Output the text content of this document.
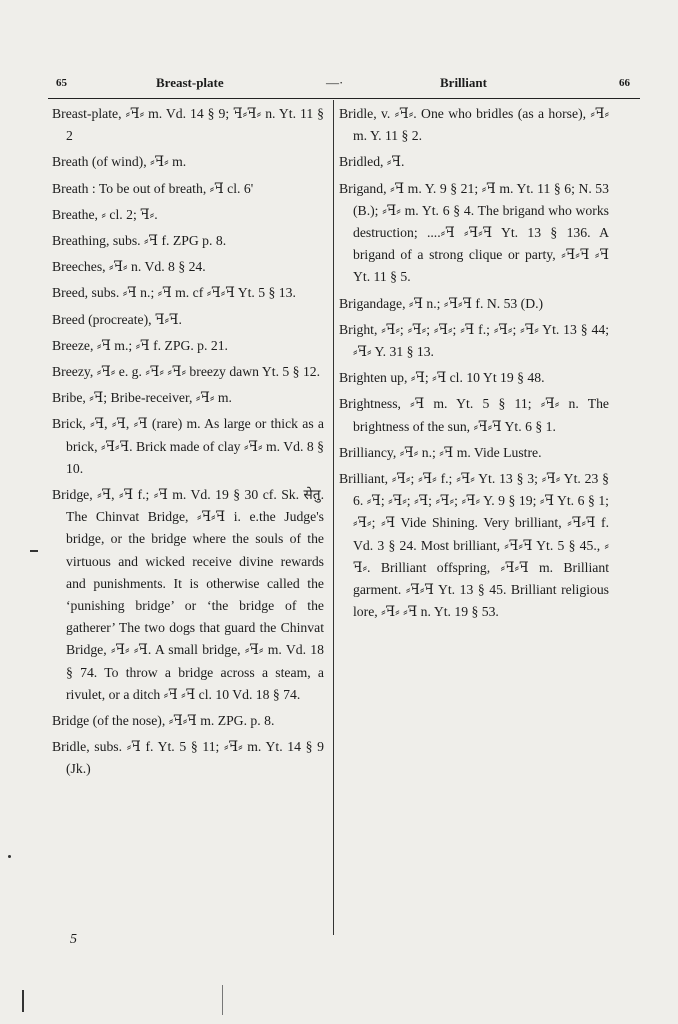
65	Breast-plate	—·	Brilliant	66

Breast-plate, ⸗ꟻ⸗ m. Vd. 14 § 9; ꟻ⸗ꟻ⸗ n. Yt. 11 § 2

Breath (of wind), ⸗ꟻ⸗ m.

Breath : To be out of breath, ⸗ꟻ cl. 6'

Breathe, ⸗ cl. 2; ꟻ⸗.

Breathing, subs. ⸗ꟻ f. ZPG p. 8.

Breeches, ⸗ꟻ⸗ n. Vd. 8 § 24.

Breed, subs. ⸗ꟻ n.; ⸗ꟻ m. cf ⸗ꟻ⸗ꟻ Yt. 5 § 13.

Breed (procreate), ꟻ⸗ꟻ.

Breeze, ⸗ꟻ m.; ⸗ꟻ f. ZPG. p. 21.

Breezy, ⸗ꟻ⸗ e. g. ⸗ꟻ⸗ ⸗ꟻ⸗ breezy dawn Yt. 5 § 12.

Bribe, ⸗ꟻ; Bribe-receiver, ⸗ꟻ⸗ m.

Brick, ⸗ꟻ, ⸗ꟻ, ⸗ꟻ (rare) m. As large or thick as a brick, ⸗ꟻ⸗ꟻ. Brick made of clay ⸗ꟻ⸗ m. Vd. 8 § 10.

Bridge, ⸗ꟻ, ⸗ꟻ f.; ⸗ꟻ m. Vd. 19 § 30 cf. Sk. सेतु. The Chinvat Bridge, ⸗ꟻ⸗ꟻ i. e.the Judge's bridge, or the bridge where the souls of the virtuous and wicked receive divine rewards and punishments. It is otherwise called the ‘punishing bridge’ or ‘the bridge of the gatherer’ The two dogs that guard the Chinvat Bridge, ⸗ꟻ⸗ ⸗ꟻ. A small bridge, ⸗ꟻ⸗ m. Vd. 18 § 74. To throw a bridge across a steam, a rivulet, or a ditch ⸗ꟻ ⸗ꟻ cl. 10 Vd. 18 § 74.

Bridge (of the nose), ⸗ꟻ⸗ꟻ m. ZPG. p. 8.

Bridle, subs. ⸗ꟻ f. Yt. 5 § 11; ⸗ꟻ⸗ m. Yt. 14 § 9 (Jk.)

Bridle, v. ⸗ꟻ⸗. One who bridles (as a horse), ⸗ꟻ⸗ m. Y. 11 § 2.

Bridled, ⸗ꟻ.

Brigand, ⸗ꟻ m. Y. 9 § 21; ⸗ꟻ m. Yt. 11 § 6; N. 53 (B.); ⸗ꟻ⸗ m. Yt. 6 § 4. The brigand who works destruction; ....⸗ꟻ ⸗ꟻ⸗ꟻ Yt. 13 § 136. A brigand of a strong clique or party, ⸗ꟻ⸗ꟻ ⸗ꟻ Yt. 11 § 5.

Brigandage, ⸗ꟻ n.; ⸗ꟻ⸗ꟻ f. N. 53 (D.)

Bright, ⸗ꟻ⸗; ⸗ꟻ⸗; ⸗ꟻ⸗; ⸗ꟻ f.; ⸗ꟻ⸗; ⸗ꟻ⸗ Yt. 13 § 44; ⸗ꟻ⸗ Y. 31 § 13.

Brighten up, ⸗ꟻ; ⸗ꟻ cl. 10 Yt 19 § 48.

Brightness, ⸗ꟻ m. Yt. 5 § 11; ⸗ꟻ⸗ n. The brightness of the sun, ⸗ꟻ⸗ꟻ Yt. 6 § 1.

Brilliancy, ⸗ꟻ⸗ n.; ⸗ꟻ m. Vide Lustre.

Brilliant, ⸗ꟻ⸗; ⸗ꟻ⸗ f.; ⸗ꟻ⸗ Yt. 13 § 3; ⸗ꟻ⸗ Yt. 23 § 6. ⸗ꟻ; ⸗ꟻ⸗; ⸗ꟻ; ⸗ꟻ⸗; ⸗ꟻ⸗ Y. 9 § 19; ⸗ꟻ Yt. 6 § 1; ⸗ꟻ⸗; ⸗ꟻ Vide Shining. Very brilliant, ⸗ꟻ⸗ꟻ f. Vd. 3 § 24. Most brilliant, ⸗ꟻ⸗ꟻ Yt. 5 § 45., ⸗ꟻ⸗. Brilliant offspring, ⸗ꟻ⸗ꟻ m. Brilliant garment. ⸗ꟻ⸗ꟻ Yt. 13 § 45. Brilliant religious lore, ⸗ꟻ⸗ ⸗ꟻ n. Yt. 19 § 53.

5
